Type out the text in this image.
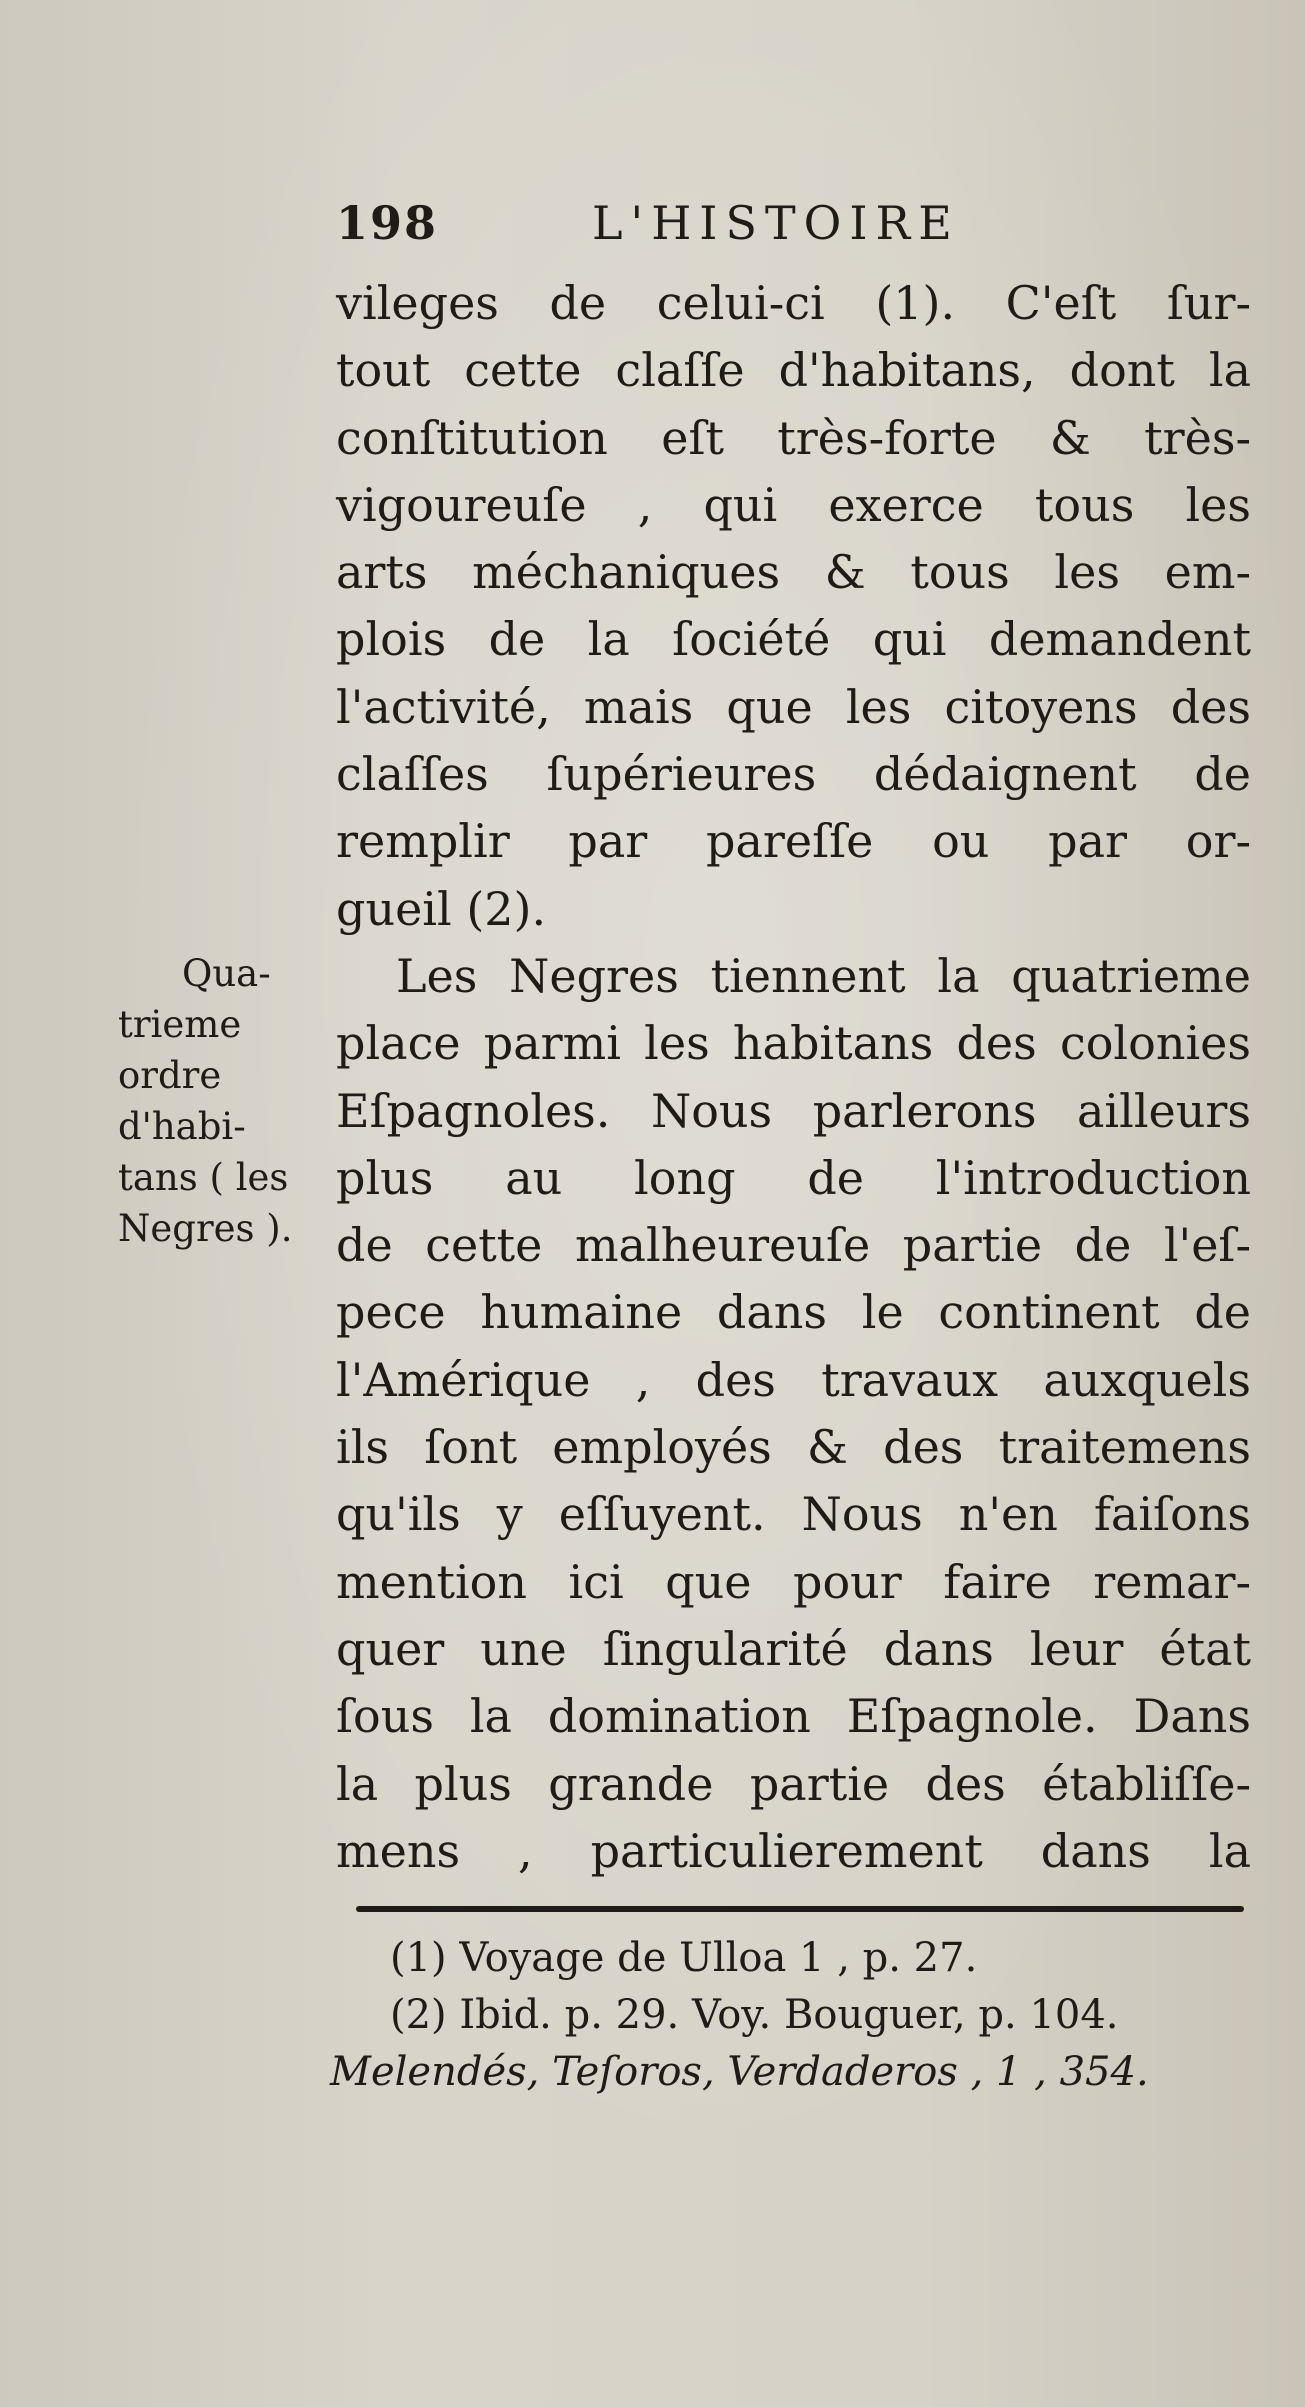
198	L'HISTOIRE
vileges de celui-ci (1). C'eſt ſur-
tout cette claſſe d'habitans, dont la
conſtitution eſt très-forte & très-
vigoureuſe , qui exerce tous les
arts méchaniques & tous les em-
plois de la ſociété qui demandent
l'activité, mais que les citoyens des
claſſes ſupérieures dédaignent de
remplir par pareſſe ou par or-
gueil (2).
Les Negres tiennent la quatrieme
place parmi les habitans des colonies
Eſpagnoles. Nous parlerons ailleurs
plus au long de l'introduction
de cette malheureuſe partie de l'eſ-
pece humaine dans le continent de
l'Amérique , des travaux auxquels
ils ſont employés & des traitemens
qu'ils y eſſuyent. Nous n'en faiſons
mention ici que pour faire remar-
quer une ſingularité dans leur état
ſous la domination Eſpagnole. Dans
la plus grande partie des établiſſe-
mens , particulierement dans la
Qua-
trieme
ordre
d'habi-
tans ( les
Negres ).
(1) Voyage de Ulloa 1 , p. 27.
(2) Ibid. p. 29. Voy. Bouguer, p. 104.
Melendés, Teſoros, Verdaderos , 1 , 354.
